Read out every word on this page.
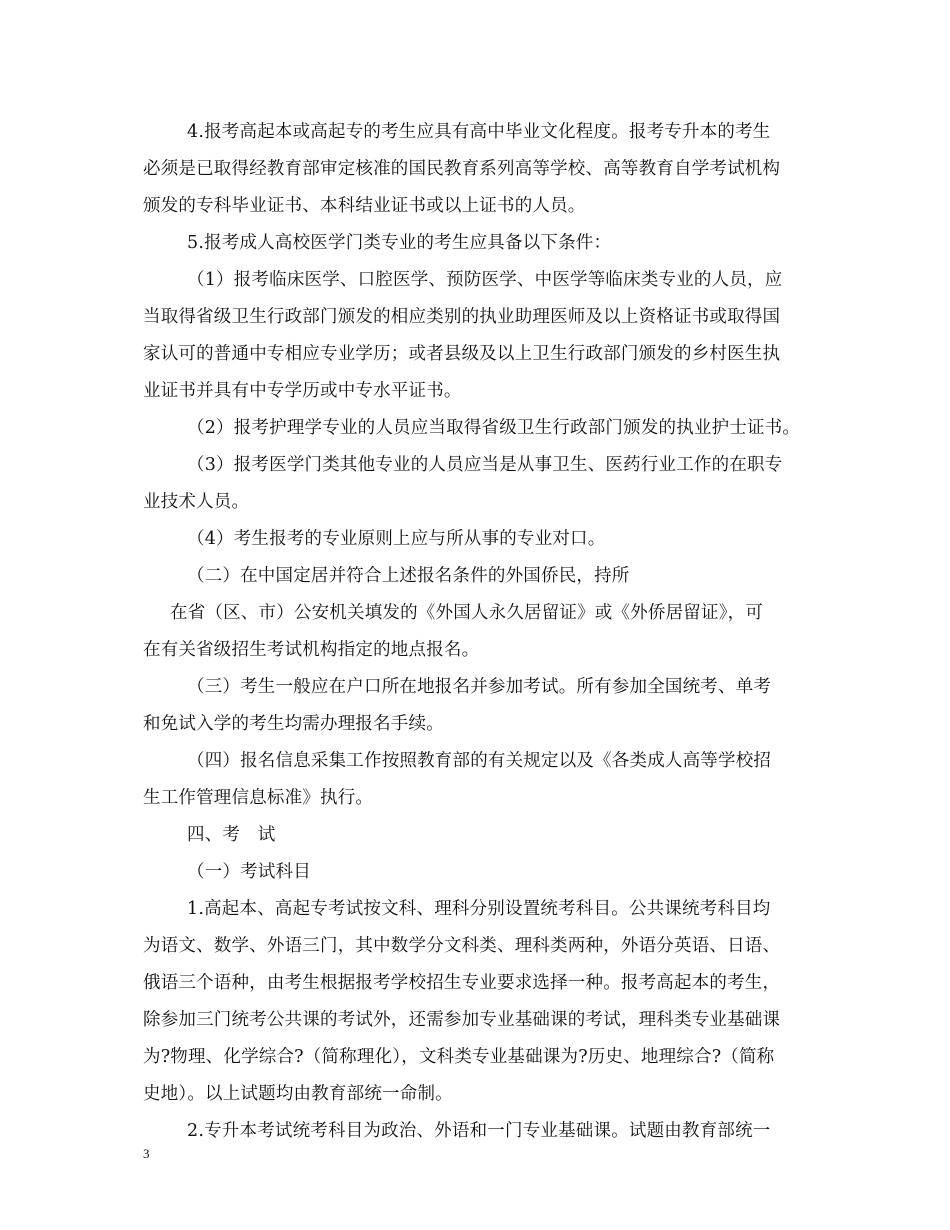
4.报考高起本或高起专的考生应具有高中毕业文化程度。报考专升本的考生
必须是已取得经教育部审定核准的国民教育系列高等学校、高等教育自学考试机构
颁发的专科毕业证书、本科结业证书或以上证书的人员。
5.报考成人高校医学门类专业的考生应具备以下条件：
（1）报考临床医学、口腔医学、预防医学、中医学等临床类专业的人员，应
当取得省级卫生行政部门颁发的相应类别的执业助理医师及以上资格证书或取得国
家认可的普通中专相应专业学历；或者县级及以上卫生行政部门颁发的乡村医生执
业证书并具有中专学历或中专水平证书。
（2）报考护理学专业的人员应当取得省级卫生行政部门颁发的执业护士证书。
（3）报考医学门类其他专业的人员应当是从事卫生、医药行业工作的在职专
业技术人员。
（4）考生报考的专业原则上应与所从事的专业对口。
（二）在中国定居并符合上述报名条件的外国侨民，持所
在省（区、市）公安机关填发的《外国人永久居留证》或《外侨居留证》，可
在有关省级招生考试机构指定的地点报名。
（三）考生一般应在户口所在地报名并参加考试。所有参加全国统考、单考
和免试入学的考生均需办理报名手续。
（四）报名信息采集工作按照教育部的有关规定以及《各类成人高等学校招
生工作管理信息标准》执行。
四、考　试
（一）考试科目
1.高起本、高起专考试按文科、理科分别设置统考科目。公共课统考科目均
为语文、数学、外语三门，其中数学分文科类、理科类两种，外语分英语、日语、
俄语三个语种，由考生根据报考学校招生专业要求选择一种。报考高起本的考生，
除参加三门统考公共课的考试外，还需参加专业基础课的考试，理科类专业基础课
为?物理、化学综合?（简称理化），文科类专业基础课为?历史、地理综合?（简称
史地）。以上试题均由教育部统一命制。
2.专升本考试统考科目为政治、外语和一门专业基础课。试题由教育部统一
3
